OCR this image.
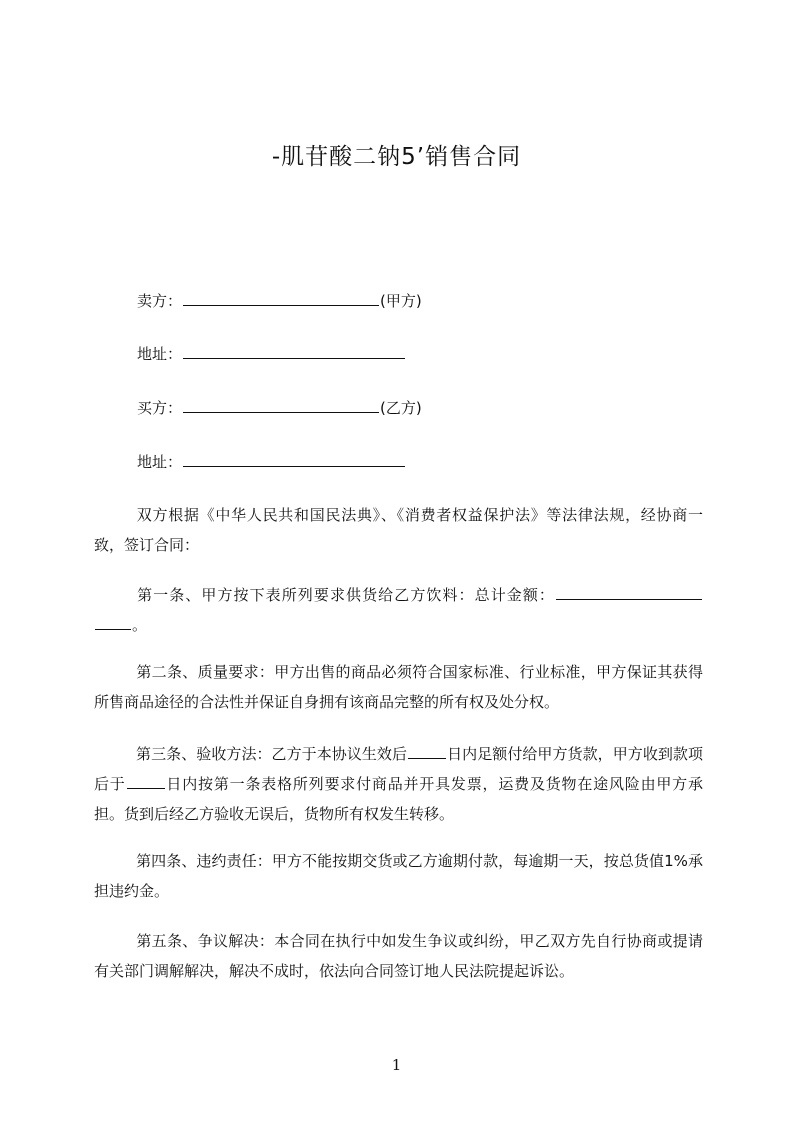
-肌苷酸二钠5’销售合同
卖方：	(甲方)
地址：
买方：	(乙方)
地址：
双方根据《中华人民共和国民法典》、《消费者权益保护法》等法律法规，经协商一致，签订合同：
第一条、甲方按下表所列要求供货给乙方饮料：总计金额：。
第二条、质量要求：甲方出售的商品必须符合国家标准、行业标准，甲方保证其获得所售商品途径的合法性并保证自身拥有该商品完整的所有权及处分权。
第三条、验收方法：乙方于本协议生效后	日内足额付给甲方货款，甲方收到款项后于	日内按第一条表格所列要求付商品并开具发票，运费及货物在途风险由甲方承担。货到后经乙方验收无误后，货物所有权发生转移。
第四条、违约责任：甲方不能按期交货或乙方逾期付款，每逾期一天，按总货值1%承担违约金。
第五条、争议解决：本合同在执行中如发生争议或纠纷，甲乙双方先自行协商或提请有关部门调解解决，解决不成时，依法向合同签订地人民法院提起诉讼。
1
